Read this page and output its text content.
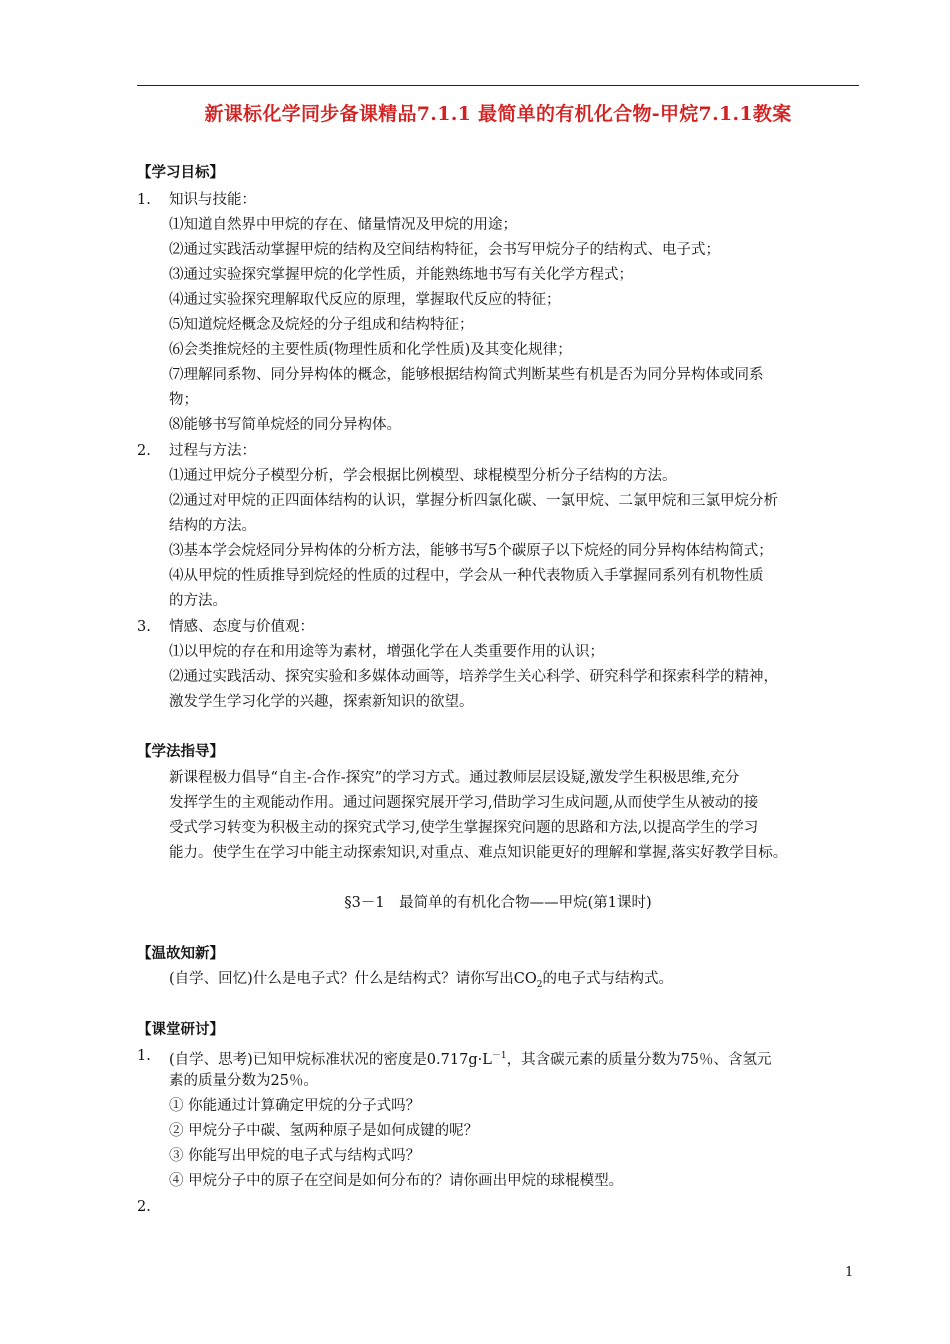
新课标化学同步备课精品7.1.1 最简单的有机化合物-甲烷7.1.1教案
【学习目标】
1. 知识与技能：
⑴知道自然界中甲烷的存在、储量情况及甲烷的用途；
⑵通过实践活动掌握甲烷的结构及空间结构特征，会书写甲烷分子的结构式、电子式；
⑶通过实验探究掌握甲烷的化学性质，并能熟练地书写有关化学方程式；
⑷通过实验探究理解取代反应的原理，掌握取代反应的特征；
⑸知道烷烃概念及烷烃的分子组成和结构特征；
⑹会类推烷烃的主要性质(物理性质和化学性质)及其变化规律；
⑺理解同系物、同分异构体的概念，能够根据结构简式判断某些有机是否为同分异构体或同系
物；
⑻能够书写简单烷烃的同分异构体。
2. 过程与方法：
⑴通过甲烷分子模型分析，学会根据比例模型、球棍模型分析分子结构的方法。
⑵通过对甲烷的正四面体结构的认识，掌握分析四氯化碳、一氯甲烷、二氯甲烷和三氯甲烷分析
结构的方法。
⑶基本学会烷烃同分异构体的分析方法，能够书写5个碳原子以下烷烃的同分异构体结构简式；
⑷从甲烷的性质推导到烷烃的性质的过程中，学会从一种代表物质入手掌握同系列有机物性质
的方法。
3. 情感、态度与价值观：
⑴以甲烷的存在和用途等为素材，增强化学在人类重要作用的认识；
⑵通过实践活动、探究实验和多媒体动画等，培养学生关心科学、研究科学和探索科学的精神，
激发学生学习化学的兴趣，探索新知识的欲望。
【学法指导】
新课程极力倡导“自主-合作-探究”的学习方式。通过教师层层设疑,激发学生积极思维,充分
发挥学生的主观能动作用。通过问题探究展开学习,借助学习生成问题,从而使学生从被动的接
受式学习转变为积极主动的探究式学习,使学生掌握探究问题的思路和方法,以提高学生的学习
能力。使学生在学习中能主动探索知识,对重点、难点知识能更好的理解和掌握,落实好教学目标。
§3－1　最简单的有机化合物——甲烷(第1课时)
【温故知新】
(自学、回忆)什么是电子式？什么是结构式？请你写出$CO_2$的电子式与结构式。
【课堂研讨】
1. (自学、思考)已知甲烷标准状况的密度是$0.717g\cdot L^{-1}$，其含碳元素的质量分数为75％、含氢元
素的质量分数为25％。
① 你能通过计算确定甲烷的分子式吗？
② 甲烷分子中碳、氢两种原子是如何成键的呢？
③ 你能写出甲烷的电子式与结构式吗？
④ 甲烷分子中的原子在空间是如何分布的？请你画出甲烷的球棍模型。
2.
1
